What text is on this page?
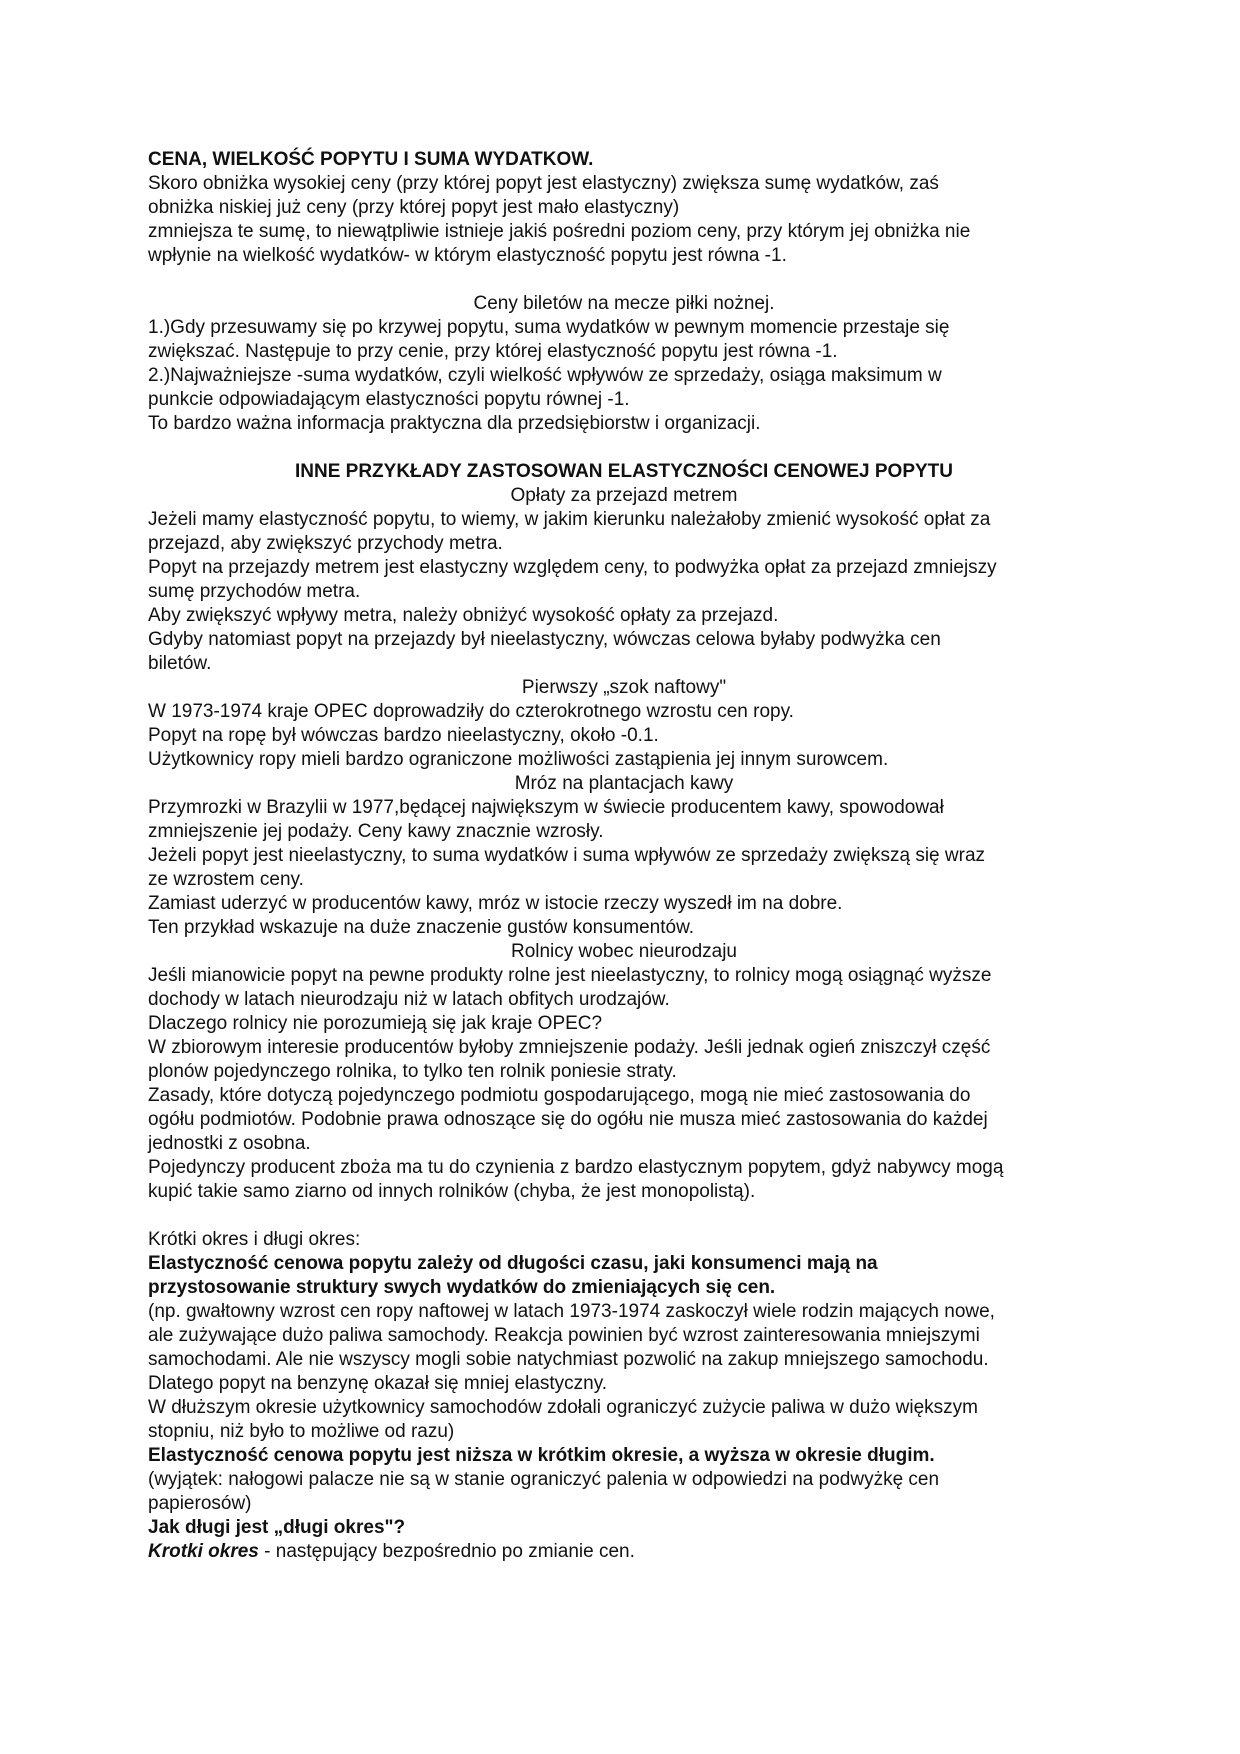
CENA, WIELKOŚĆ POPYTU I SUMA WYDATKOW.

Skoro obniżka wysokiej ceny (przy której popyt jest elastyczny) zwiększa sumę wydatków, zaś

obniżka niskiej już ceny (przy której popyt jest mało elastyczny)

zmniejsza te sumę, to niewątpliwie istnieje jakiś pośredni poziom ceny, przy którym jej obniżka nie

wpłynie na wielkość wydatków- w którym elastyczność popytu jest równa -1.

Ceny biletów na mecze piłki nożnej.

1.)Gdy przesuwamy się po krzywej popytu, suma wydatków w pewnym momencie przestaje się

zwiększać. Następuje to przy cenie, przy której elastyczność popytu jest równa -1.

2.)Najważniejsze -suma wydatków, czyli wielkość wpływów ze sprzedaży, osiąga maksimum w

punkcie odpowiadającym elastyczności popytu równej -1.

To bardzo ważna informacja praktyczna dla przedsiębiorstw i organizacji.

INNE PRZYKŁADY ZASTOSOWAN ELASTYCZNOŚCI CENOWEJ POPYTU

Opłaty za przejazd metrem

Jeżeli mamy elastyczność popytu, to wiemy, w jakim kierunku należałoby zmienić wysokość opłat za

przejazd, aby zwiększyć przychody metra.

Popyt na przejazdy metrem jest elastyczny względem ceny, to podwyżka opłat za przejazd zmniejszy

sumę przychodów metra.

Aby zwiększyć wpływy metra, należy obniżyć wysokość opłaty za przejazd.

Gdyby natomiast popyt na przejazdy był nieelastyczny, wówczas celowa byłaby podwyżka cen

biletów.

Pierwszy „szok naftowy"

W 1973-1974 kraje OPEC doprowadziły do czterokrotnego wzrostu cen ropy.

Popyt na ropę był wówczas bardzo nieelastyczny, około -0.1.

Użytkownicy ropy mieli bardzo ograniczone możliwości zastąpienia jej innym surowcem.

Mróz na plantacjach kawy

Przymrozki w Brazylii w 1977,będącej największym w świecie producentem kawy, spowodował

zmniejszenie jej podaży. Ceny kawy znacznie wzrosły.

Jeżeli popyt jest nieelastyczny, to suma wydatków i suma wpływów ze sprzedaży zwiększą się wraz

ze wzrostem ceny.

Zamiast uderzyć w producentów kawy, mróz w istocie rzeczy wyszedł im na dobre.

Ten przykład wskazuje na duże znaczenie gustów konsumentów.

Rolnicy wobec nieurodzaju

Jeśli mianowicie popyt na pewne produkty rolne jest nieelastyczny, to rolnicy mogą osiągnąć wyższe

dochody w latach nieurodzaju niż w latach obfitych urodzajów.

Dlaczego rolnicy nie porozumieją się jak kraje OPEC?

W zbiorowym interesie producentów byłoby zmniejszenie podaży. Jeśli jednak ogień zniszczył część

plonów pojedynczego rolnika, to tylko ten rolnik poniesie straty.

Zasady, które dotyczą pojedynczego podmiotu gospodarującego, mogą nie mieć zastosowania do

ogółu podmiotów. Podobnie prawa odnoszące się do ogółu nie musza mieć zastosowania do każdej

jednostki z osobna.

Pojedynczy producent zboża ma tu do czynienia z bardzo elastycznym popytem, gdyż nabywcy mogą

kupić takie samo ziarno od innych rolników (chyba, że jest monopolistą).

Krótki okres i długi okres:

Elastyczność cenowa popytu zależy od długości czasu, jaki konsumenci mają na

przystosowanie struktury swych wydatków do zmieniających się cen.

(np. gwałtowny wzrost cen ropy naftowej w latach 1973-1974 zaskoczył wiele rodzin mających nowe,

ale zużywające dużo paliwa samochody. Reakcja powinien być wzrost zainteresowania mniejszymi

samochodami. Ale nie wszyscy mogli sobie natychmiast pozwolić na zakup mniejszego samochodu.

Dlatego popyt na benzynę okazał się mniej elastyczny.

W dłuższym okresie użytkownicy samochodów zdołali ograniczyć zużycie paliwa w dużo większym

stopniu, niż było to możliwe od razu)

Elastyczność cenowa popytu jest niższa w krótkim okresie, a wyższa w okresie długim.

(wyjątek: nałogowi palacze nie są w stanie ograniczyć palenia w odpowiedzi na podwyżkę cen

papierosów)

Jak długi jest „długi okres"?

Krotki okres - następujący bezpośrednio po zmianie cen.
